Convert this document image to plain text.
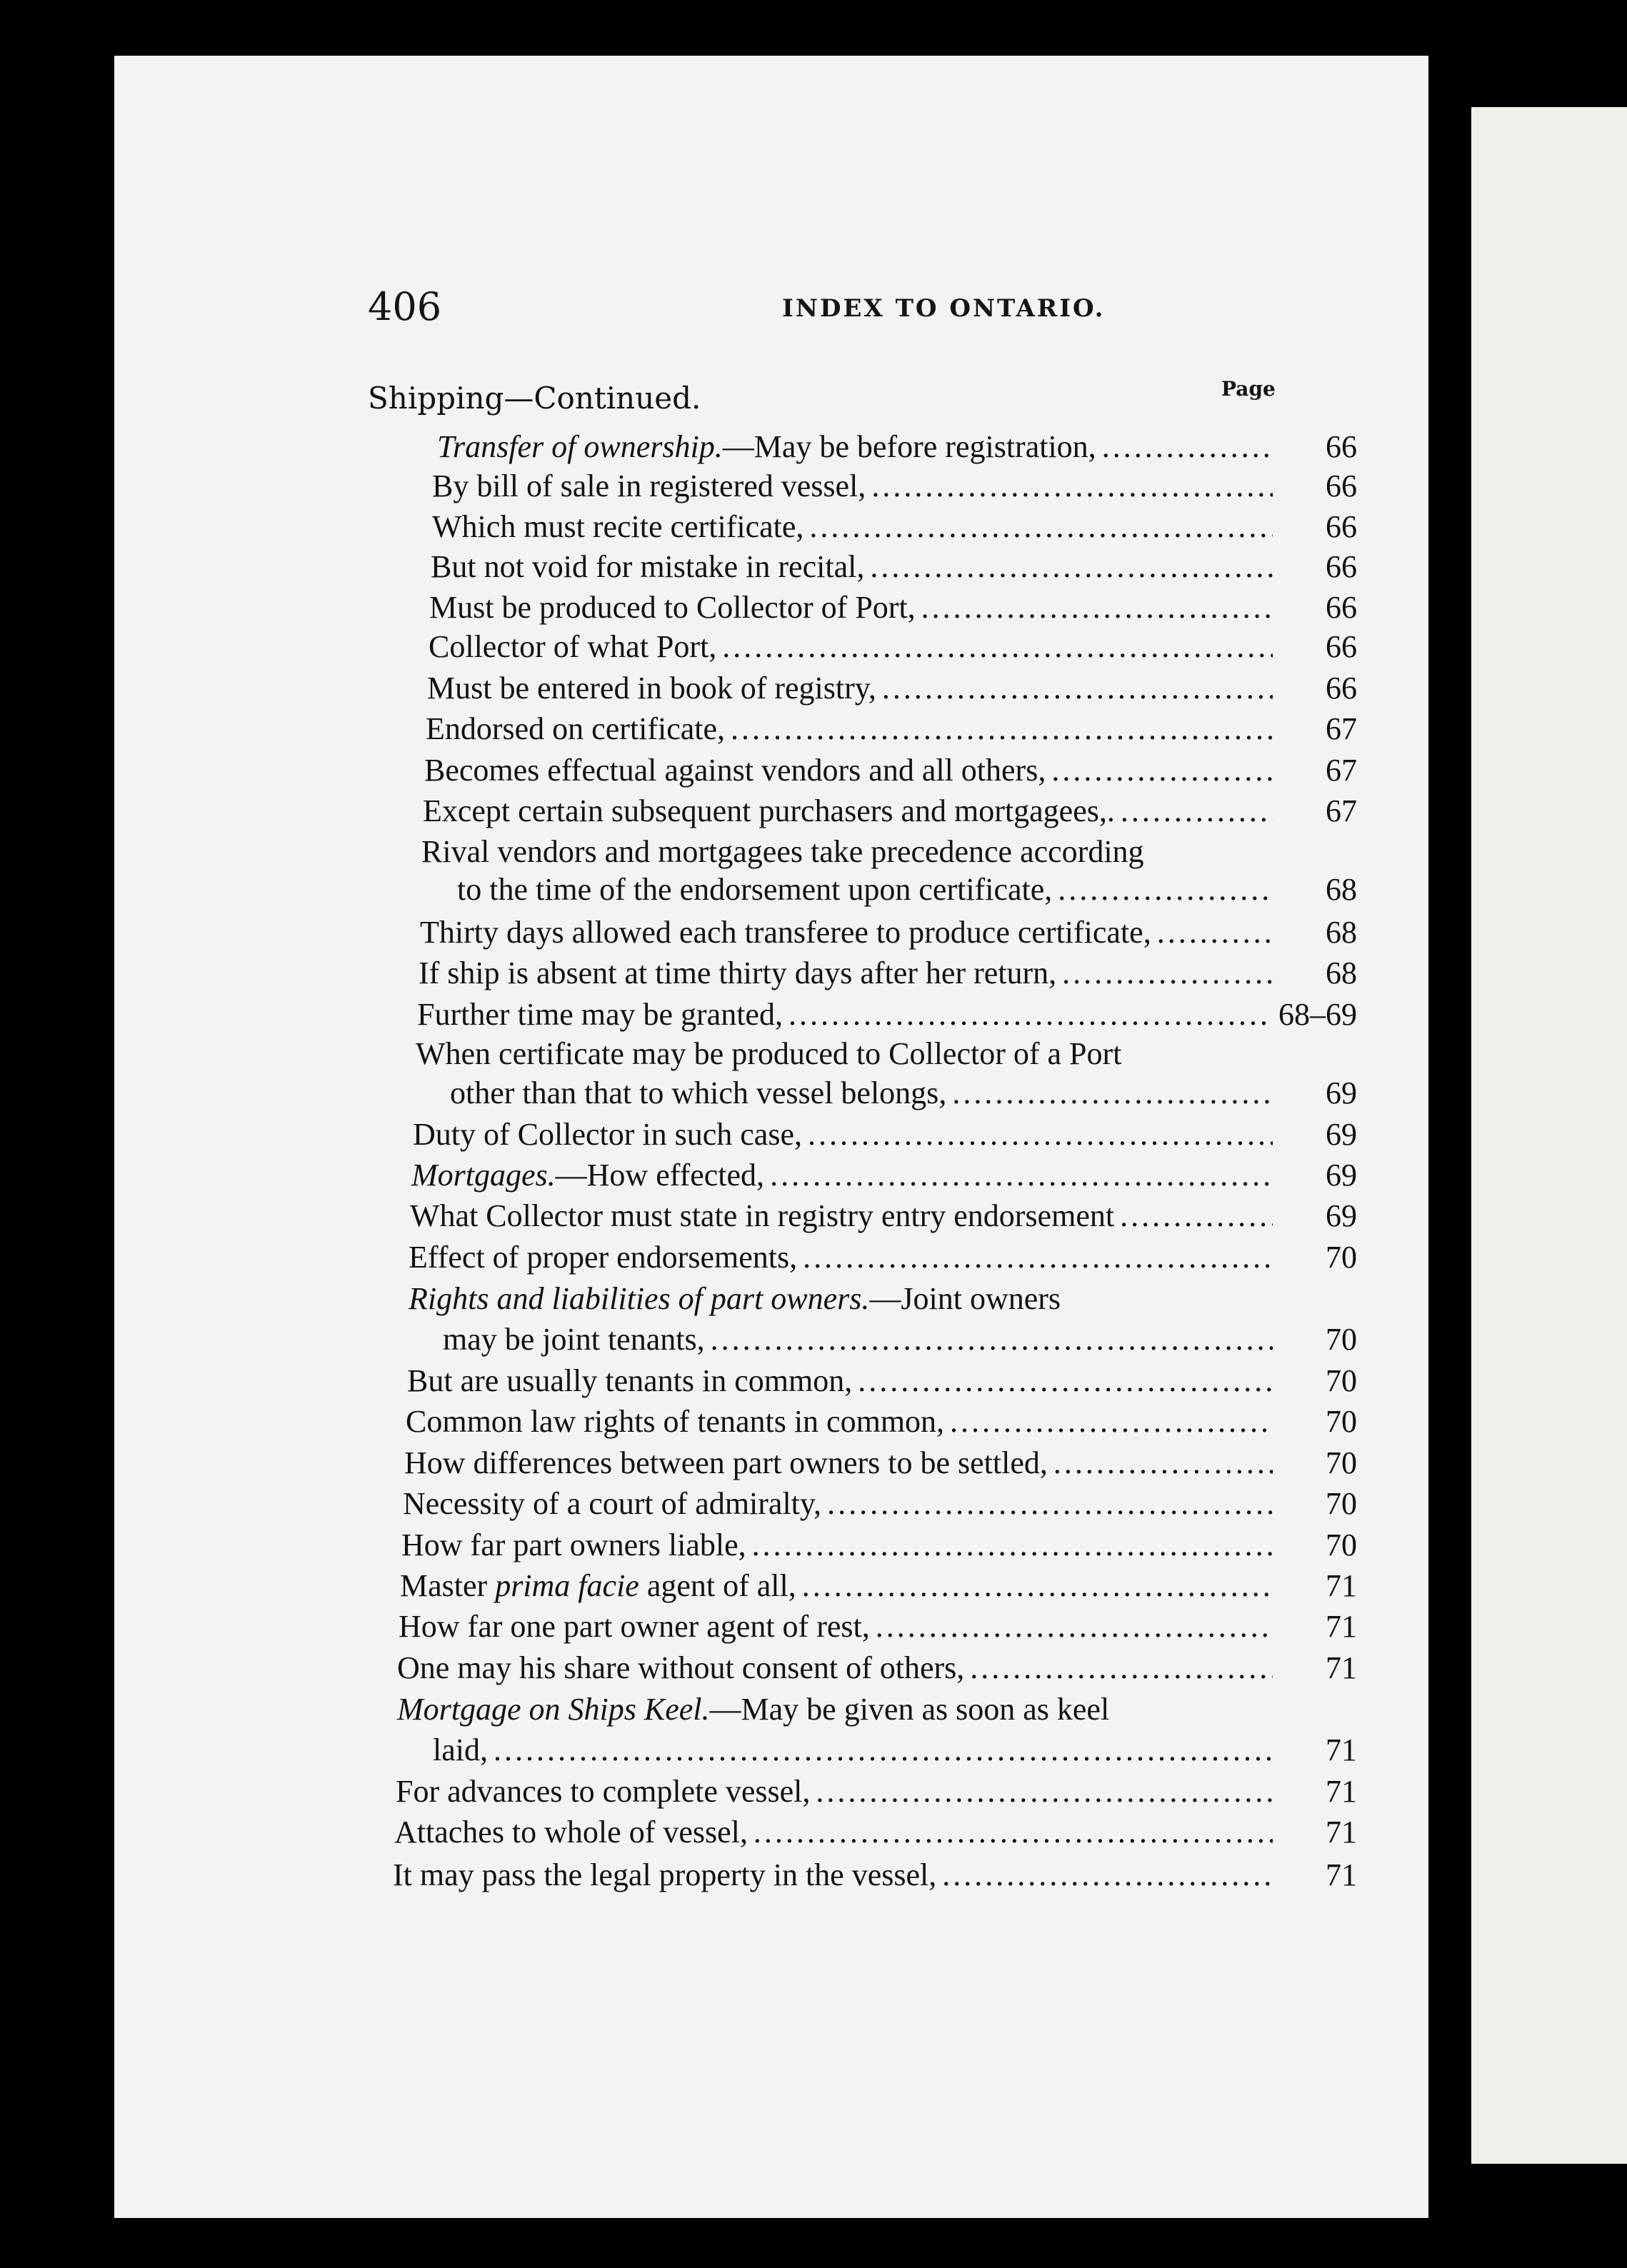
406	INDEX TO ONTARIO.
Shipping—Continued.	Page
Transfer of ownership.—May be before registration, .....	66
By bill of sale in registered vessel, .....	66
Which must recite certificate, .....	66
But not void for mistake in recital, .....	66
Must be produced to Collector of Port, .....	66
Collector of what Port, .....	66
Must be entered in book of registry, .....	66
Endorsed on certificate, .....	67
Becomes effectual against vendors and all others, .....	67
Except certain subsequent purchasers and mortgagees,. .....	67
Rival vendors and mortgagees take precedence according
to the time of the endorsement upon certificate, .....	68
Thirty days allowed each transferee to produce certificate, .....	68
If ship is absent at time thirty days after her return, .....	68
Further time may be granted, .....	68–69
When certificate may be produced to Collector of a Port
other than that to which vessel belongs, .....	69
Duty of Collector in such case, .....	69
Mortgages.—How effected, .....	69
What Collector must state in registry entry endorsement .....	69
Effect of proper endorsements, .....	70
Rights and liabilities of part owners.—Joint owners
may be joint tenants, .....	70
But are usually tenants in common, .....	70
Common law rights of tenants in common, .....	70
How differences between part owners to be settled, .....	70
Necessity of a court of admiralty, .....	70
How far part owners liable, .....	70
Master prima facie agent of all, .....	71
How far one part owner agent of rest, .....	71
One may his share without consent of others, .....	71
Mortgage on Ships Keel.—May be given as soon as keel
laid, .....	71
For advances to complete vessel, .....	71
Attaches to whole of vessel, .....	71
It may pass the legal property in the vessel, .....	71
